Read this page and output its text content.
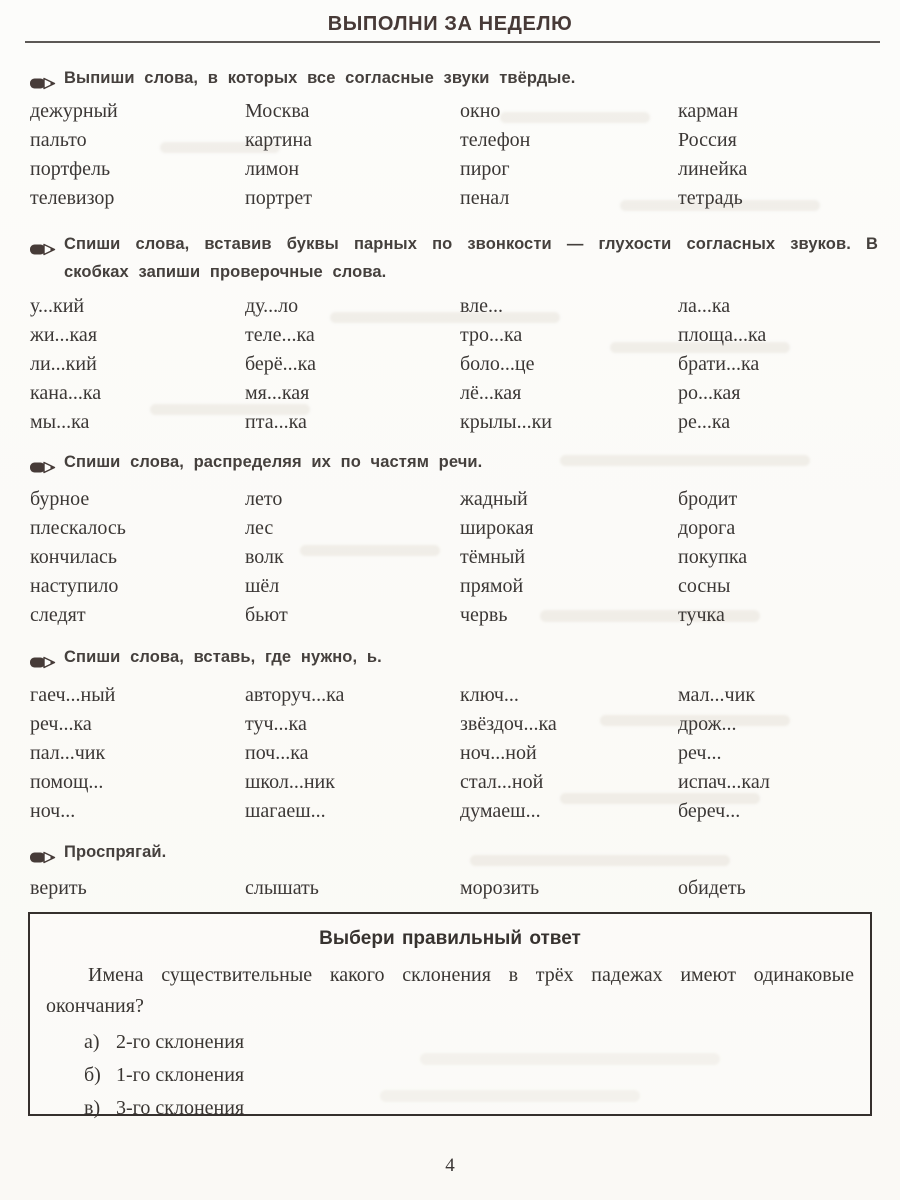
ВЫПОЛНИ ЗА НЕДЕЛЮ
Выпиши слова, в которых все согласные звуки твёрдые.
дежурный	Москва	окно	карман
пальто	картина	телефон	Россия
портфель	лимон	пирог	линейка
телевизор	портрет	пенал	тетрадь
Спиши слова, вставив буквы парных по звонкости — глухости согласных звуков. В скобках запиши проверочные слова.
у...кий	ду...ло	вле...	ла...ка
жи...кая	теле...ка	тро...ка	площа...ка
ли...кий	берё...ка	боло...це	брати...ка
кана...ка	мя...кая	лё...кая	ро...кая
мы...ка	пта...ка	крылы...ки	ре...ка
Спиши слова, распределяя их по частям речи.
бурное	лето	жадный	бродит
плескалось	лес	широкая	дорога
кончилась	волк	тёмный	покупка
наступило	шёл	прямой	сосны
следят	бьют	червь	тучка
Спиши слова, вставь, где нужно, ь.
гаеч...ный	авторуч...ка	ключ...	мал...чик
реч...ка	туч...ка	звёздоч...ка	дрож...
пал...чик	поч...ка	ноч...ной	реч...
помощ...	школ...ник	стал...ной	испач...кал
ноч...	шагаеш...	думаеш...	береч...
Проспрягай.
верить	слышать	морозить	обидеть
Выбери правильный ответ

Имена существительные какого склонения в трёх падежах имеют одинаковые окончания?

а) 2-го склонения
б) 1-го склонения
в) 3-го склонения
4
